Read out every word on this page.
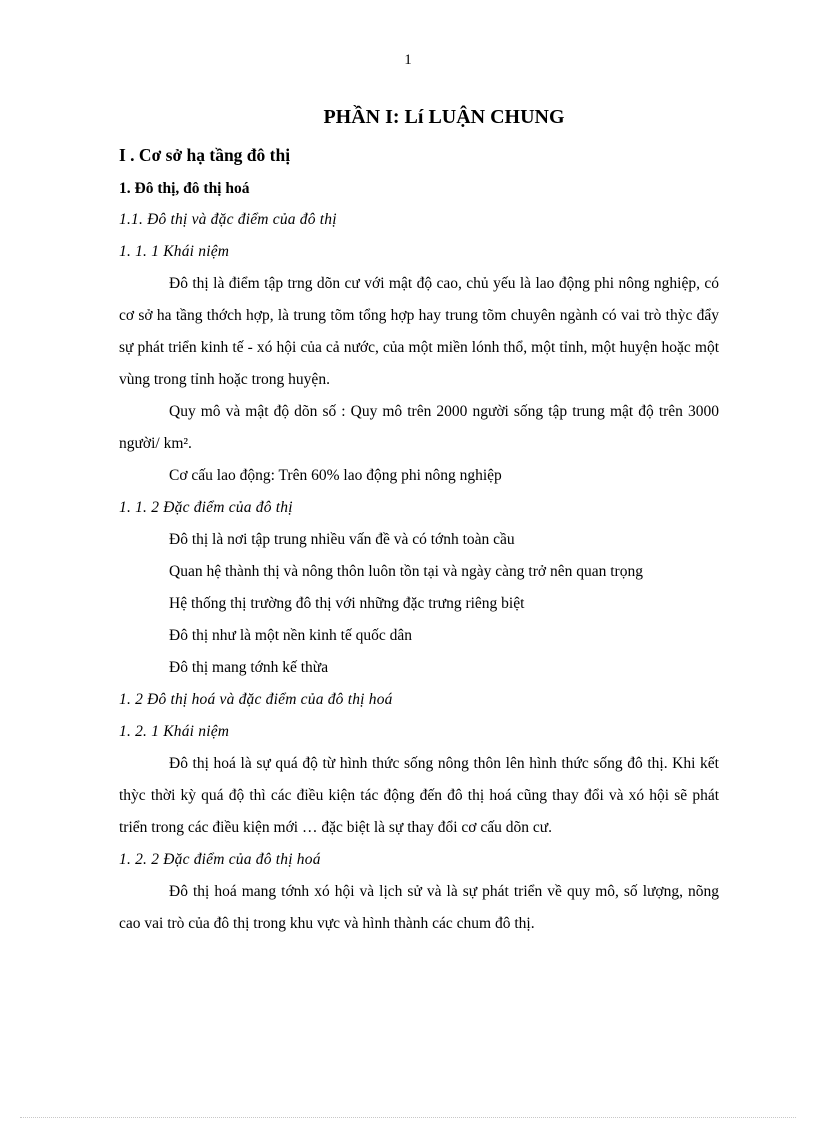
1
PHẦN I: Lí LUẬN CHUNG
I . Cơ sở hạ tầng đô thị
1. Đô thị, đô thị hoá
1.1. Đô thị và đặc điểm của đô thị
1. 1. 1 Khái niệm

Đô thị là điểm tập trng dõn cư với mật độ cao, chủ yếu là lao động phi nông nghiệp, có cơ sở ha tầng thớch hợp, là trung tõm tổng hợp hay trung tõm chuyên ngành có vai trò thỳc đẩy sự phát triển kinh tế - xó hội của cả nước, của một miền lónh thổ, một tỉnh, một huyện hoặc một vùng trong tỉnh hoặc trong huyện.

Quy mô và mật độ dõn số : Quy mô trên 2000 người sống tập trung mật độ trên 3000 người/ km².

Cơ cấu lao động: Trên 60% lao động phi nông nghiệp

1. 1. 2 Đặc điểm của đô thị
Đô thị là nơi tập trung nhiều vấn đề và có tớnh toàn cầu
Quan hệ thành thị và nông thôn luôn tồn tại và ngày càng trở nên quan trọng
Hệ thống thị trường đô thị với những đặc trưng riêng biệt
Đô thị như là một nền kinh tế quốc dân
Đô thị mang tớnh kế thừa
1. 2 Đô thị hoá và đặc điểm của đô thị hoá
1. 2. 1 Khái niệm

Đô thị hoá là sự quá độ từ hình thức sống nông thôn lên hình thức sống đô thị. Khi kết thỳc thời kỳ quá độ thì các điều kiện tác động đến đô thị hoá cũng thay đổi và xó hội sẽ phát triển trong các điều kiện mới … đặc biệt là sự thay đổi cơ cấu dõn cư.

1. 2. 2 Đặc điểm của đô thị hoá

Đô thị hoá mang tớnh xó hội và lịch sử và là sự phát triển về quy mô, số lượng, nõng cao vai trò của đô thị trong khu vực và hình thành các chum đô thị.
